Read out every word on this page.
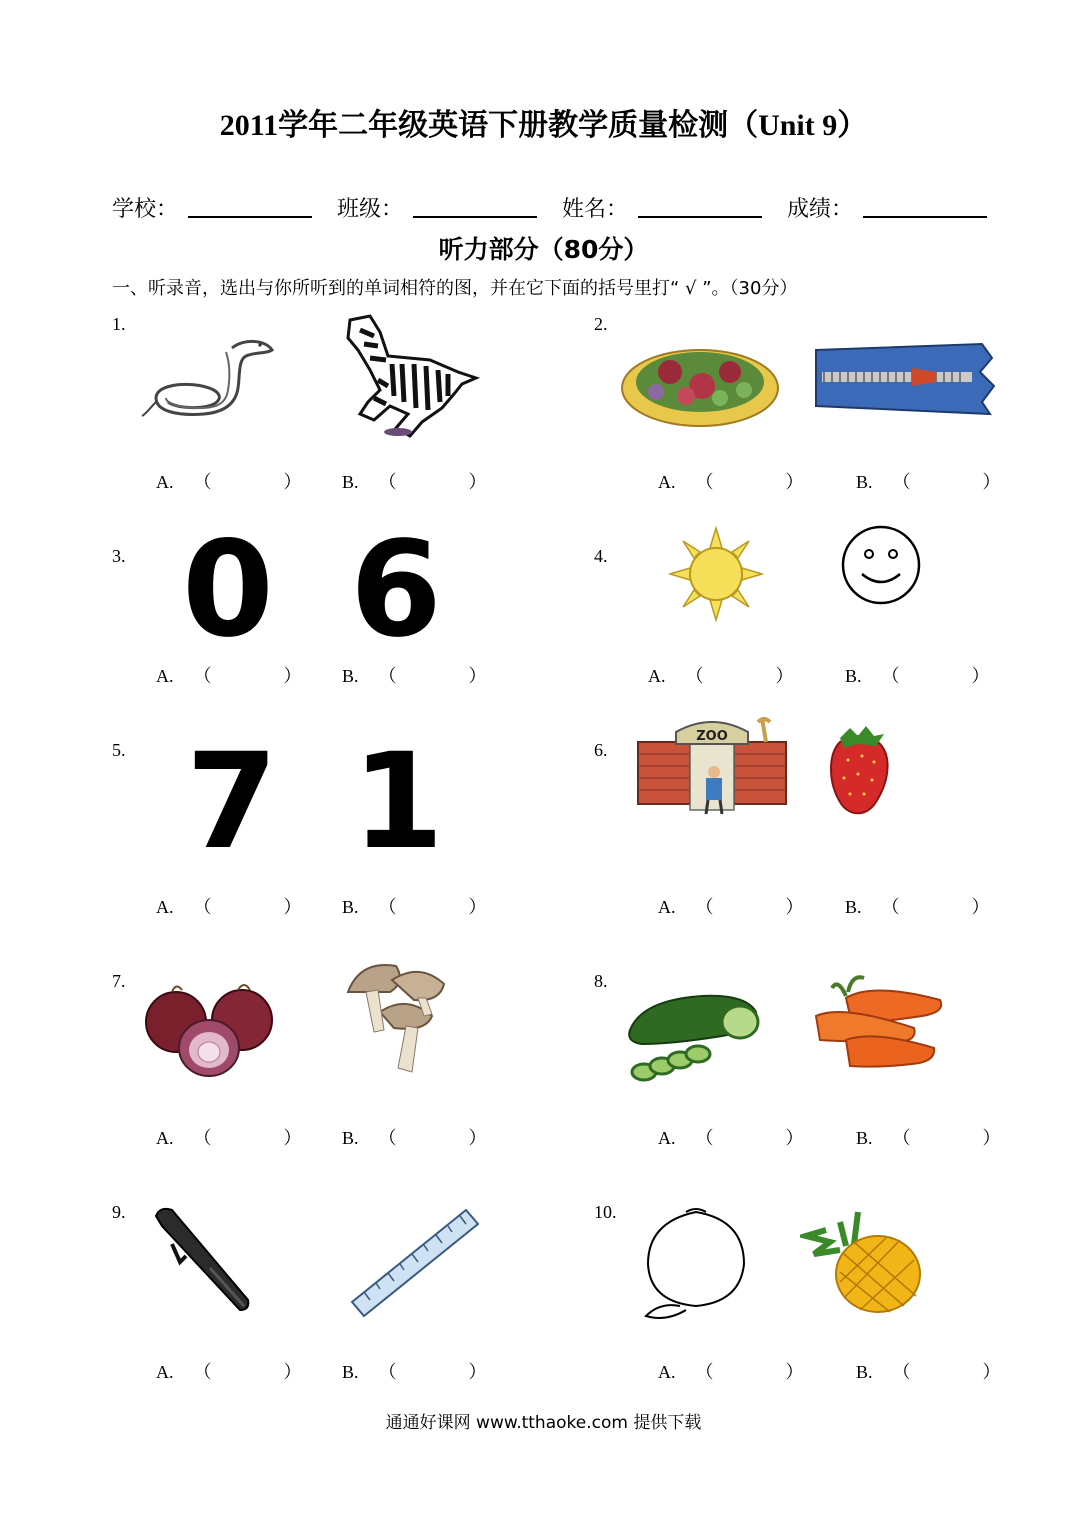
2011学年二年级英语下册教学质量检测（Unit 9）
学校：	班级：	姓名：	成绩：
听力部分（80分）
一、听录音，选出与你所听到的单词相符的图，并在它下面的括号里打“ √ ”。（30分）
1.
A. （	） B. （	）
2.
A. （	）	B. （	）
3. 0 6
A. （	） B. （	）
4.
A. （	）	B. （	）
5. 7 1
A. （	） B. （	）
6.
ZOO
A. （	） B. （	）
7.
A. （	） B. （	）
8.
A. （	）	B. （	）
9.
A. （	） B. （	）
10.
A. （	）	B. （	）
通通好课网 www.tthaoke.com 提供下载
